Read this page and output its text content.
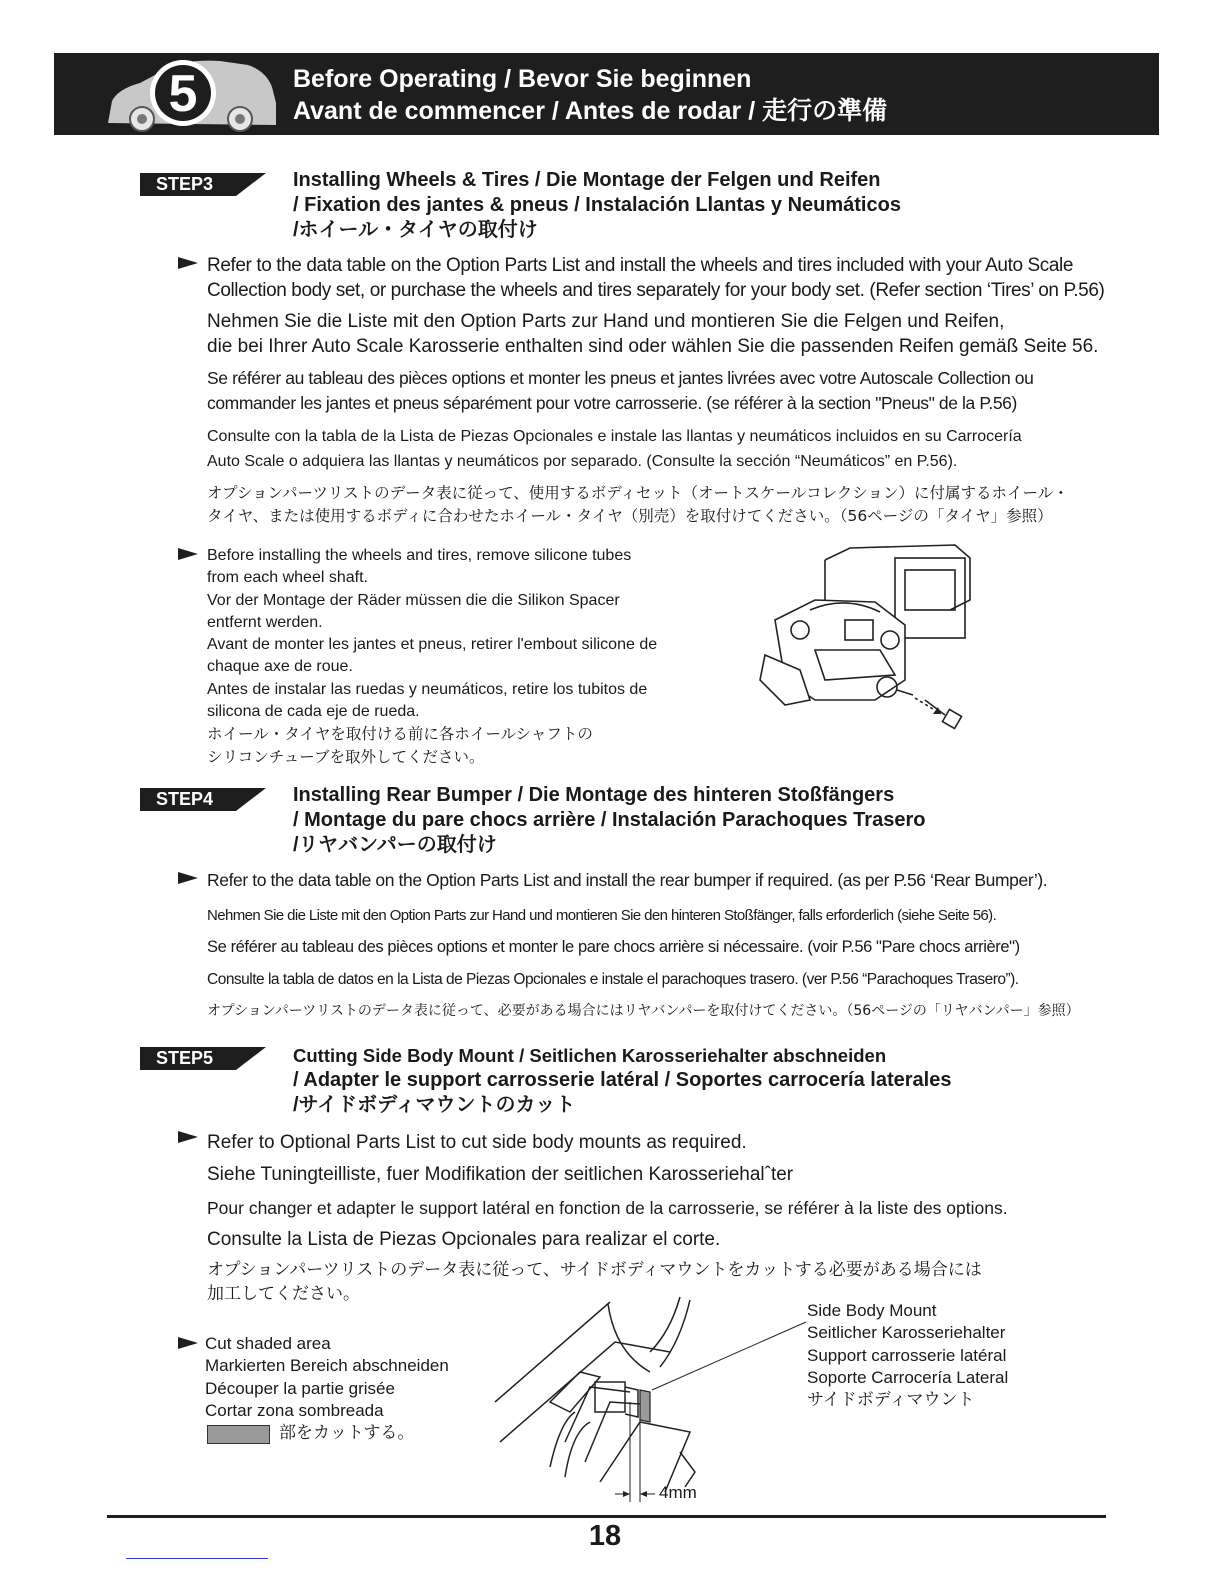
5	Before Operating / Bevor Sie beginnen
Avant de commencer / Antes de rodar / 走行の準備
STEP3	Installing Wheels & Tires / Die Montage der Felgen und Reifen
/ Fixation des jantes & pneus / Instalación Llantas y Neumáticos
/ホイール・タイヤの取付け
Refer to the data table on the Option Parts List and install the wheels and tires included with your Auto Scale
Collection body set, or purchase the wheels and tires separately for your body set. (Refer section ‘Tires’ on P.56)
Nehmen Sie die Liste mit den Option Parts zur Hand und montieren Sie die Felgen und Reifen,
die bei Ihrer Auto Scale Karosserie enthalten sind oder wählen Sie die passenden Reifen gemäß Seite 56.
Se référer au tableau des pièces options et monter les pneus et jantes livrées avec votre Autoscale Collection ou
commander les jantes et pneus séparément pour votre carrosserie. (se référer à la section "Pneus" de la P.56)
Consulte con la tabla de la Lista de Piezas Opcionales e instale las llantas y neumáticos incluidos en su Carrocería
Auto Scale o adquiera las llantas y neumáticos por separado. (Consulte la sección “Neumáticos” en P.56).
オプションパーツリストのデータ表に従って、使用するボディセット（オートスケールコレクション）に付属するホイール・
タイヤ、または使用するボディに合わせたホイール・タイヤ（別売）を取付けてください。（56ページの「タイヤ」参照）
Before installing the wheels and tires, remove silicone tubes
from each wheel shaft.
Vor der Montage der Räder müssen die die Silikon Spacer
entfernt werden.
Avant de monter les jantes et pneus, retirer l'embout silicone de
chaque axe de roue.
Antes de instalar las ruedas y neumáticos, retire los tubitos de
silicona de cada eje de rueda.
ホイール・タイヤを取付ける前に各ホイールシャフトの
シリコンチューブを取外してください。
STEP4	Installing Rear Bumper / Die Montage des hinteren Stoßfängers
/ Montage du pare chocs arrière / Instalación Parachoques Trasero
/リヤバンパーの取付け
Refer to the data table on the Option Parts List and install the rear bumper if required. (as per P.56 ‘Rear Bumper’).
Nehmen Sie die Liste mit den Option Parts zur Hand und montieren Sie den hinteren Stoßfänger, falls erforderlich (siehe Seite 56).
Se référer au tableau des pièces options et monter le pare chocs arrière si nécessaire. (voir P.56 "Pare chocs arrière")
Consulte la tabla de datos en la Lista de Piezas Opcionales e instale el parachoques trasero. (ver P.56 “Parachoques Trasero”).
オプションパーツリストのデータ表に従って、必要がある場合にはリヤバンパーを取付けてください。（56ページの「リヤバンパー」参照）
STEP5	Cutting Side Body Mount / Seitlichen Karosseriehalter abschneiden
/ Adapter le support carrosserie latéral / Soportes carrocería laterales
/サイドボディマウントのカット
Refer to Optional Parts List to cut side body mounts as required.
Siehe Tuningteilliste, fuer Modifikation der seitlichen Karosseriehalˆter
Pour changer et adapter le support latéral en fonction de la carrosserie, se référer à la liste des options.
Consulte la Lista de Piezas Opcionales para realizar el corte.
オプションパーツリストのデータ表に従って、サイドボディマウントをカットする必要がある場合には
加工してください。
Cut shaded area
Markierten Bereich abschneiden
Découper la partie grisée
Cortar zona sombreada
部をカットする。
4mm
Side Body Mount
Seitlicher Karosseriehalter
Support carrosserie latéral
Soporte Carrocería Lateral
サイドボディマウント
18
